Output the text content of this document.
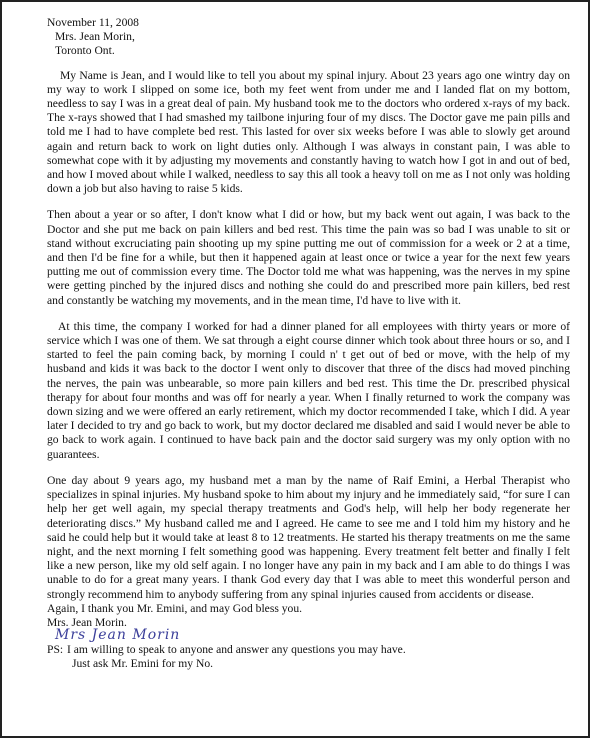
November 11, 2008

Mrs. Jean Morin,

Toronto Ont.

My Name is Jean, and I would like to tell you about my spinal injury. About 23 years ago one wintry day on my way to work I slipped on some ice, both my feet went from under me and I landed flat on my bottom, needless to say I was in a great deal of pain. My husband took me to the doctors who ordered x-rays of my back. The x-rays showed that I had smashed my tailbone injuring four of my discs. The Doctor gave me pain pills and told me I had to have complete bed rest. This lasted for over six weeks before I was able to slowly get around again and return back to work on light duties only. Although I was always in constant pain, I was able to somewhat cope with it by adjusting my movements and constantly having to watch how I got in and out of bed, and how I moved about while I walked, needless to say this all took a heavy toll on me as I not only was holding down a job but also having to raise 5 kids.

Then about a year or so after, I don't know what I did or how, but my back went out again, I was back to the Doctor and she put me back on pain killers and bed rest. This time the pain was so bad I was unable to sit or stand without excruciating pain shooting up my spine putting me out of commission for a week or 2 at a time, and then I'd be fine for a while, but then it happened again at least once or twice a year for the next few years putting me out of commission every time. The Doctor told me what was happening, was the nerves in my spine were getting pinched by the injured discs and nothing she could do and prescribed more pain killers, bed rest and constantly be watching my movements, and in the mean time, I'd have to live with it.

At this time, the company I worked for had a dinner planed for all employees with thirty years or more of service which I was one of them. We sat through a eight course dinner which took about three hours or so, and I started to feel the pain coming back, by morning I could n' t get out of bed or move, with the help of my husband and kids it was back to the doctor I went only to discover that three of the discs had moved pinching the nerves, the pain was unbearable, so more pain killers and bed rest. This time the Dr. prescribed physical therapy for about four months and was off for nearly a year. When I finally returned to work the company was down sizing and we were offered an early retirement, which my doctor recommended I take, which I did. A year later I decided to try and go back to work, but my doctor declared me disabled and said I would never be able to go back to work again. I continued to have back pain and the doctor said surgery was my only option with no guarantees.

One day about 9 years ago, my husband met a man by the name of Raif Emini, a Herbal Therapist who specializes in spinal injuries. My husband spoke to him about my injury and he immediately said, “for sure I can help her get well again, my special therapy treatments and God's help, will help her body regenerate her deteriorating discs.” My husband called me and I agreed. He came to see me and I told him my history and he said he could help but it would take at least 8 to 12 treatments. He started his therapy treatments on me the same night, and the next morning I felt something good was happening. Every treatment felt better and finally I felt like a new person, like my old self again. I no longer have any pain in my back and I am able to do things I was unable to do for a great many years. I thank God every day that I was able to meet this wonderful person and strongly recommend him to anybody suffering from any spinal injuries caused from accidents or disease.

Again, I thank you Mr. Emini, and may God bless you.

Mrs. Jean Morin.

Mrs Jean Morin
PS: I am willing to speak to anyone and answer any questions you may have.

Just ask Mr. Emini for my No.
